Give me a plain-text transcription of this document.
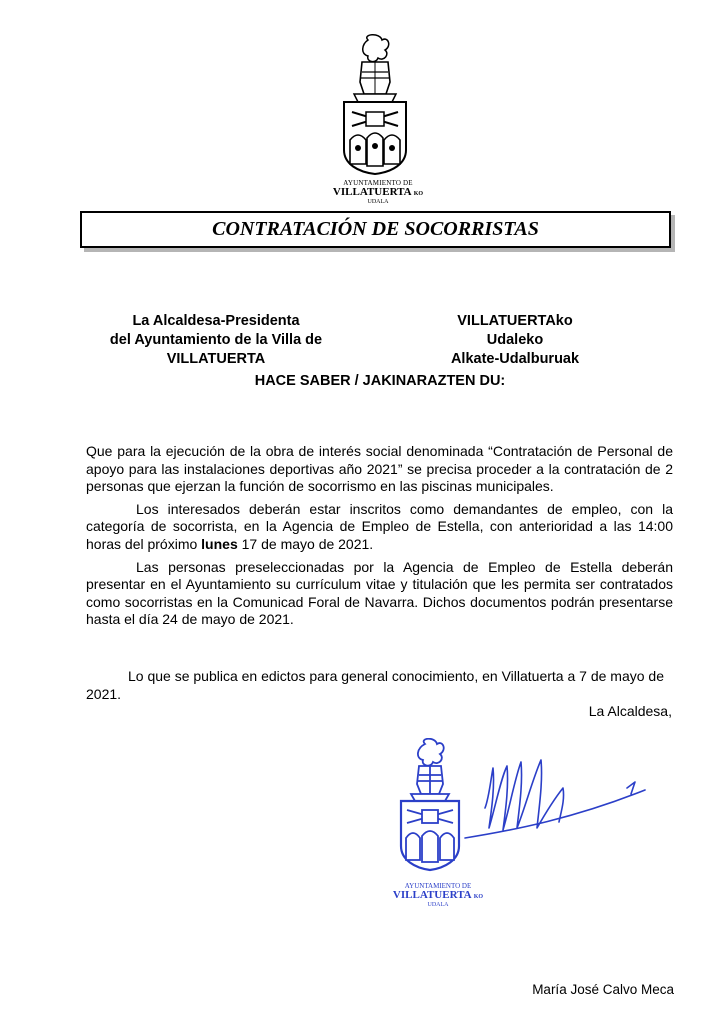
AYUNTAMIENTO DE
VILLATUERTA KO
UDALA
CONTRATACIÓN DE SOCORRISTAS
La Alcaldesa-Presidenta
del Ayuntamiento de la Villa de
VILLATUERTA
VILLATUERTAko
Udaleko
Alkate-Udalburuak
HACE SABER / JAKINARAZTEN DU:

Que para la ejecución de la obra de interés social denominada “Contratación de Personal de apoyo para las instalaciones deportivas año 2021” se precisa proceder a la contratación de 2 personas que ejerzan la función de socorrismo en las piscinas municipales.

Los interesados deberán estar inscritos como demandantes de empleo, con la categoría de socorrista, en la Agencia de Empleo de Estella, con anterioridad a las 14:00 horas del próximo lunes 17 de mayo de 2021.

Las personas preseleccionadas por la Agencia de Empleo de Estella deberán presentar en el Ayuntamiento su currículum vitae y titulación que les permita ser contratados como socorristas en la Comunicad Foral de Navarra. Dichos documentos podrán presentarse hasta el día 24 de mayo de 2021.

Lo que se publica en edictos para general conocimiento, en Villatuerta a 7 de mayo de 2021.
La Alcaldesa,
AYUNTAMIENTO DE
VILLATUERTA KO
UDALA
María José Calvo Meca
